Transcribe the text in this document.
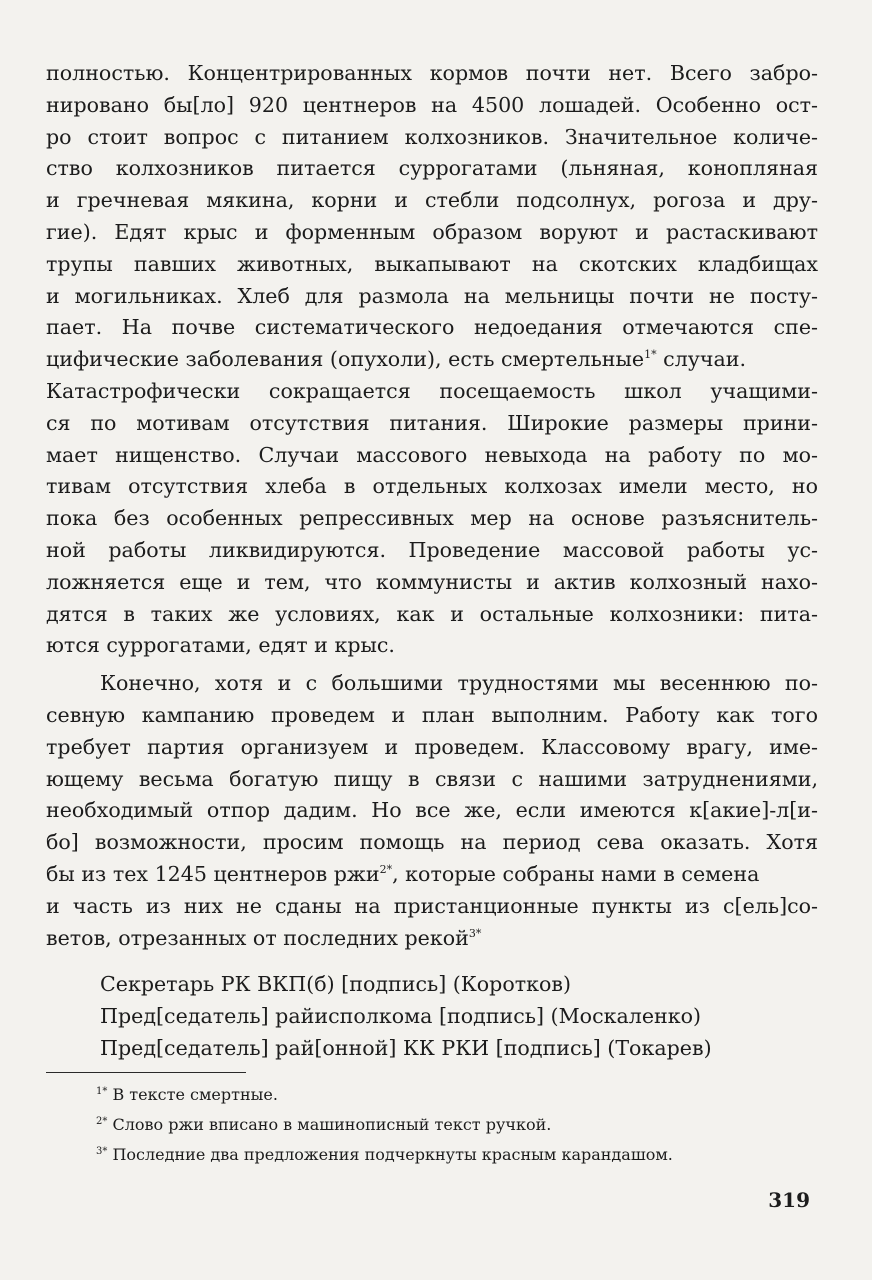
полностью. Концентрированных кормов почти нет. Всего забро-
нировано бы[ло] 920 центнеров на 4500 лошадей. Особенно ост-
ро стоит вопрос с питанием колхозников. Значительное количе-
ство колхозников питается суррогатами (льняная, конопляная
и гречневая мякина, корни и стебли подсолнух, рогоза и дру-
гие). Едят крыс и форменным образом воруют и растаскивают
трупы павших животных, выкапывают на скотских кладбищах
и могильниках. Хлеб для размола на мельницы почти не посту-
пает. На почве систематического недоедания отмечаются спе-
цифические заболевания (опухоли), есть смертельные$^{1*}$ случаи.
Катастрофически сокращается посещаемость школ учащими-
ся по мотивам отсутствия питания. Широкие размеры прини-
мает нищенство. Случаи массового невыхода на работу по мо-
тивам отсутствия хлеба в отдельных колхозах имели место, но
пока без особенных репрессивных мер на основе разъяснитель-
ной работы ликвидируются. Проведение массовой работы ус-
ложняется еще и тем, что коммунисты и актив колхозный нахо-
дятся в таких же условиях, как и остальные колхозники: пита-
ются суррогатами, едят и крыс.
Конечно, хотя и с большими трудностями мы весеннюю по-
севную кампанию проведем и план выполним. Работу как того
требует партия организуем и проведем. Классовому врагу, име-
ющему весьма богатую пищу в связи с нашими затруднениями,
необходимый отпор дадим. Но все же, если имеются к[акие]-л[и-
бо] возможности, просим помощь на период сева оказать. Хотя
бы из тех 1245 центнеров ржи$^{2*}$, которые собраны нами в семена
и часть из них не сданы на пристанционные пункты из с[ель]со-
ветов, отрезанных от последних рекой$^{3*}$
Секретарь РК ВКП(б) [подпись] (Коротков)
Пред[седатель] райисполкома [подпись] (Москаленко)
Пред[седатель] рай[онной] КК РКИ [подпись] (Токарев)
$^{1*}$ В тексте смертные.
$^{2*}$ Слово ржи вписано в машинописный текст ручкой.
$^{3*}$ Последние два предложения подчеркнуты красным карандашом.
319
